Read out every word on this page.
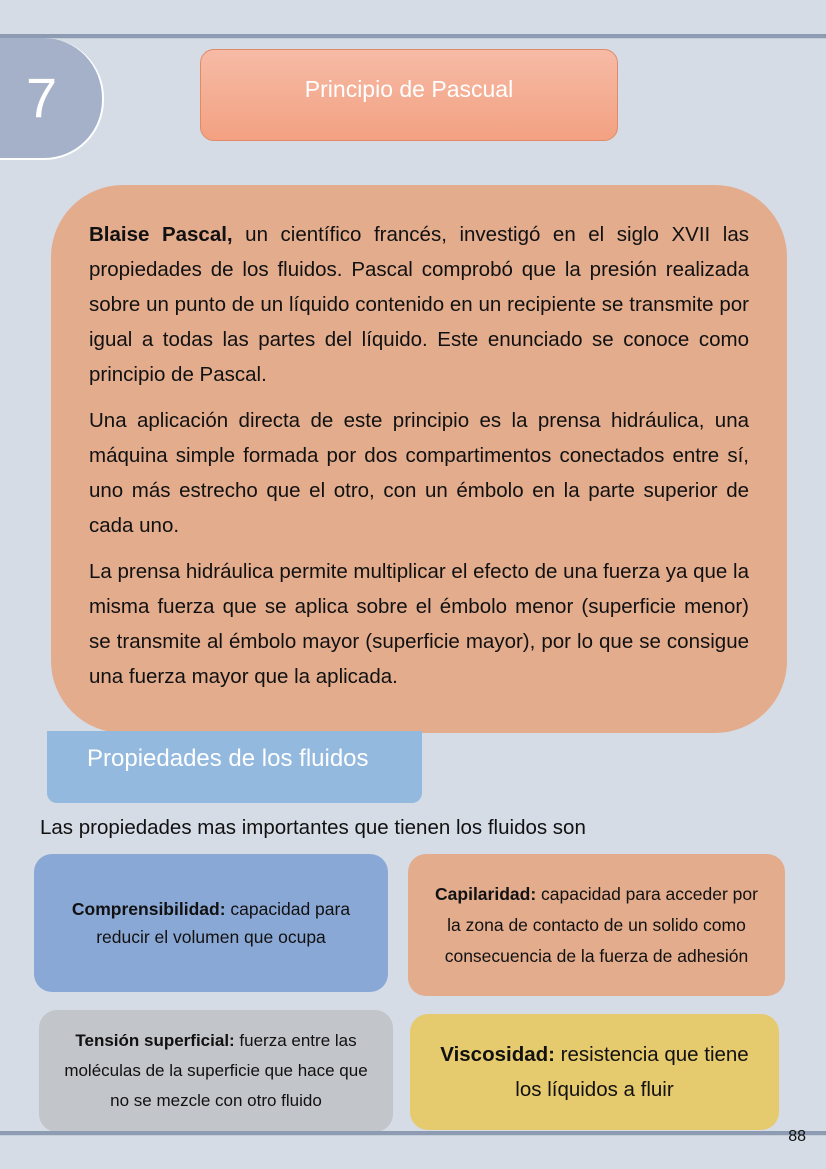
7	Principio de Pascual

Blaise Pascal, un científico francés, investigó en el siglo XVII las propiedades de los fluidos. Pascal comprobó que la presión realizada sobre un punto de un líquido contenido en un recipiente se transmite por igual a todas las partes del líquido. Este enunciado se conoce como principio de Pascal.

Una aplicación directa de este principio es la prensa hidráulica, una máquina simple formada por dos compartimentos conectados entre sí, uno más estrecho que el otro, con un émbolo en la parte superior de cada uno.

La prensa hidráulica permite multiplicar el efecto de una fuerza ya que la misma fuerza que se aplica sobre el émbolo menor (superficie menor) se transmite al émbolo mayor (superficie mayor), por lo que se consigue una fuerza mayor que la aplicada.

Propiedades de los fluidos
Las propiedades mas importantes que tienen los fluidos son
Comprensibilidad: capacidad para reducir el volumen que ocupa
Capilaridad: capacidad para acceder por la zona de contacto de un solido como consecuencia de la fuerza de adhesión
Tensión superficial: fuerza entre las moléculas de la superficie que hace que no se mezcle con otro fluido
Viscosidad: resistencia que tiene los líquidos a fluir
88
